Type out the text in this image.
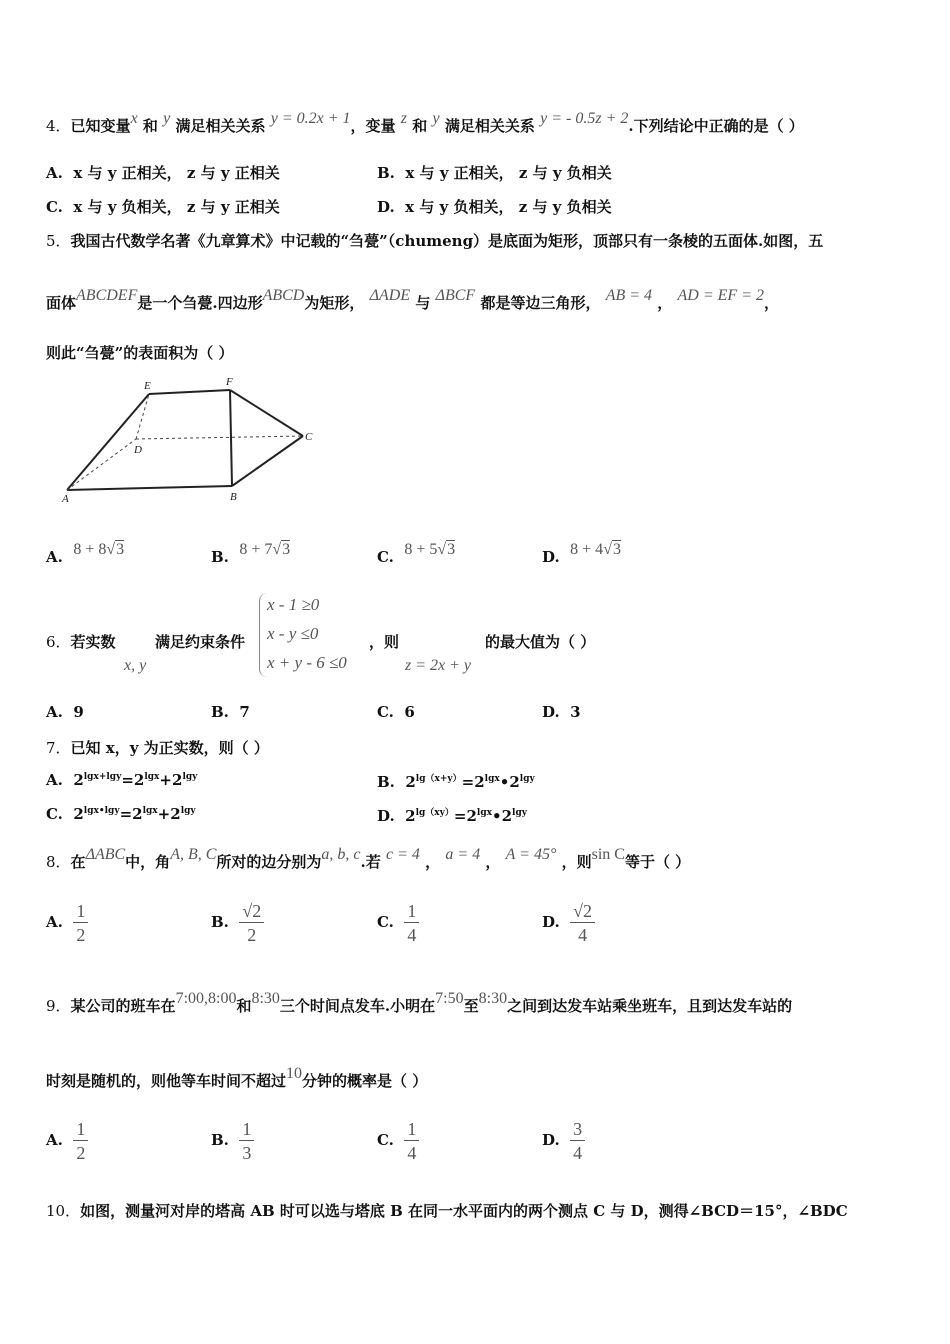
4．已知变量x 和 y 满足相关关系 y = 0.2x + 1，变量 z 和 y 满足相关关系 y = - 0.5z + 2.下列结论中正确的是（ ）
A. x 与 y 正相关， z 与 y 正相关	B. x 与 y 正相关， z 与 y 负相关
C. x 与 y 负相关， z 与 y 正相关	D. x 与 y 负相关， z 与 y 负相关
5．我国古代数学名著《九章算术》中记载的“刍甍”（chumeng）是底面为矩形，顶部只有一条棱的五面体.如图，五
面体ABCDEF是一个刍甍.四边形ABCD为矩形， ΔADE 与 ΔBCF 都是等边三角形， AB = 4 ， AD = EF = 2，
则此“刍甍”的表面积为（ ）
E	F
D
C
A	B
A. 8 + 8√3	B. 8 + 7√3	C. 8 + 5√3	D. 8 + 4√3
6．若实数	满足约束条件
x, y
x - 1 ≥0
x - y ≤0
x + y - 6 ≤0
，则
z = 2x + y
的最大值为（ ）
A. 9	B. 7	C. 6	D. 3
7．已知 x，y 为正实数，则（ ）
A. $2^{lgx+lgy}=2^{lgx}+2^{lgy}$	B. $2^{lg(x+y)}=2^{lgx}•2^{lgy}$
C. $2^{lgx•lgy}=2^{lgx}+2^{lgy}$	D. $2^{lg(xy)}=2^{lgx}•2^{lgy}$
8．在ΔABC中，角A, B, C所对的边分别为a, b, c.若 c = 4 ， a = 4 ， A = 45° ，则sin C等于（ ）
A. $\frac{1}{2}$	B. $\frac{√2}{2}$	C. $\frac{1}{4}$	D. $\frac{√2}{4}$
9．某公司的班车在7:00,8:00和8:30三个时间点发车.小明在7:50至8:30之间到达发车站乘坐班车，且到达发车站的
时刻是随机的，则他等车时间不超过10分钟的概率是（ ）
A. $\frac{1}{2}$	B. $\frac{1}{3}$	C. $\frac{1}{4}$	D. $\frac{3}{4}$
10．如图，测量河对岸的塔高 AB 时可以选与塔底 B 在同一水平面内的两个测点 C 与 D，测得∠BCD＝15°，∠BDC
